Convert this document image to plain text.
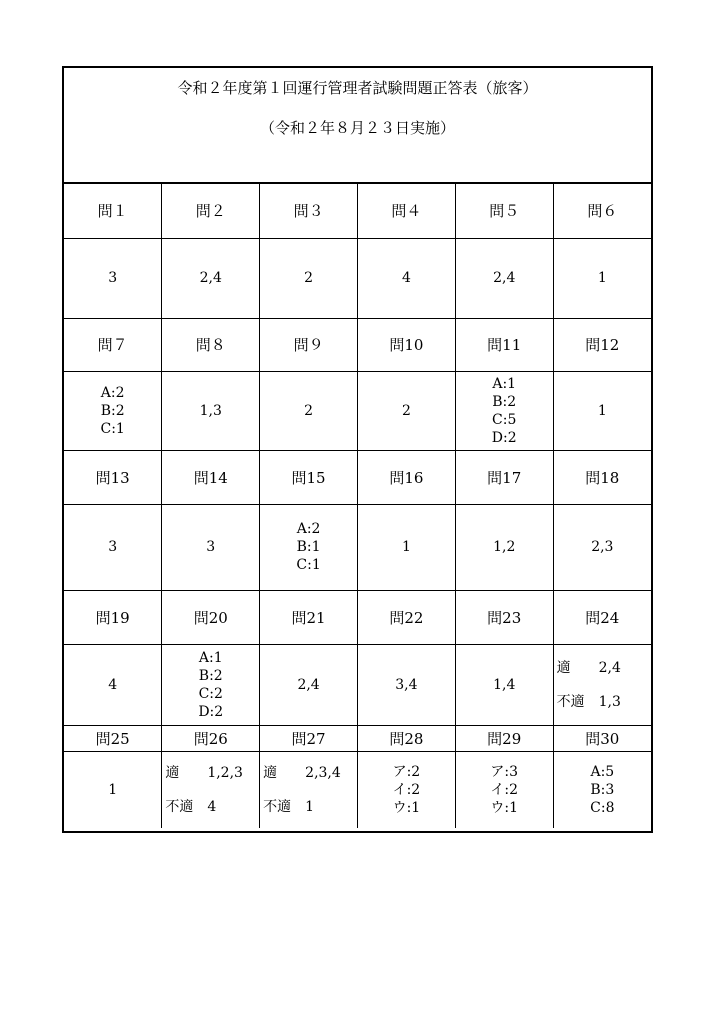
令和２年度第１回運行管理者試験問題正答表（旅客）
（令和２年８月２３日実施）
問１	問２	問３	問４	問５	問６

3	2,4	2	4	2,4	1

問７	問８	問９	問10	問11	問12

A:2
B:2
C:1	1,3	2	2	A:1
B:2
C:5
D:2	1

問13	問14	問15	問16	問17	問18

3	3	A:2
B:1
C:1	1	1,2	2,3

問19	問20	問21	問22	問23	問24

4	A:1
B:2
C:2
D:2	2,4	3,4	1,4	適　　2,4
不適　1,3

問25	問26	問27	問28	問29	問30

1	適　　1,2,3
不適　4	適　　2,3,4
不適　1	ア:2
イ:2
ウ:1	ア:3
イ:2
ウ:1	A:5
B:3
C:8
